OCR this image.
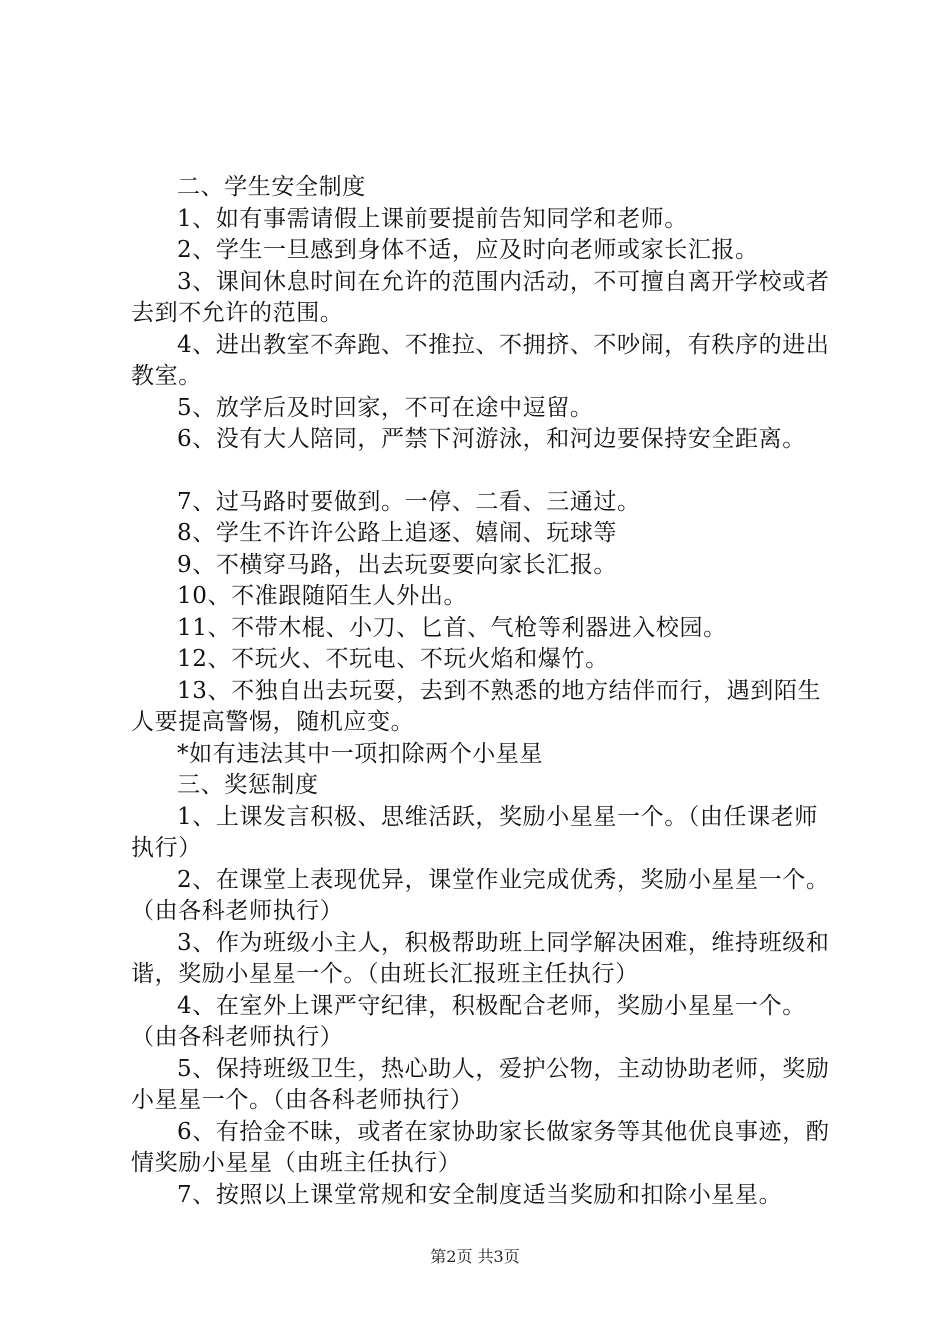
二、学生安全制度

1、如有事需请假上课前要提前告知同学和老师。

2、学生一旦感到身体不适，应及时向老师或家长汇报。

3、课间休息时间在允许的范围内活动，不可擅自离开学校或者去到不允许的范围。

4、进出教室不奔跑、不推拉、不拥挤、不吵闹，有秩序的进出教室。

5、放学后及时回家，不可在途中逗留。

6、没有大人陪同，严禁下河游泳，和河边要保持安全距离。

7、过马路时要做到。一停、二看、三通过。

8、学生不许许公路上追逐、嬉闹、玩球等

9、不横穿马路，出去玩耍要向家长汇报。

10、不准跟随陌生人外出。

11、不带木棍、小刀、匕首、气枪等利器进入校园。

12、不玩火、不玩电、不玩火焰和爆竹。

13、不独自出去玩耍，去到不熟悉的地方结伴而行，遇到陌生人要提高警惕，随机应变。

*如有违法其中一项扣除两个小星星

三、奖惩制度

1、上课发言积极、思维活跃，奖励小星星一个。（由任课老师执行）

2、在课堂上表现优异，课堂作业完成优秀，奖励小星星一个。（由各科老师执行）

3、作为班级小主人，积极帮助班上同学解决困难，维持班级和谐，奖励小星星一个。（由班长汇报班主任执行）

4、在室外上课严守纪律，积极配合老师，奖励小星星一个。（由各科老师执行）

5、保持班级卫生，热心助人，爱护公物，主动协助老师，奖励小星星一个。（由各科老师执行）

6、有拾金不昧，或者在家协助家长做家务等其他优良事迹，酌情奖励小星星（由班主任执行）

7、按照以上课堂常规和安全制度适当奖励和扣除小星星。

第2页 共3页
